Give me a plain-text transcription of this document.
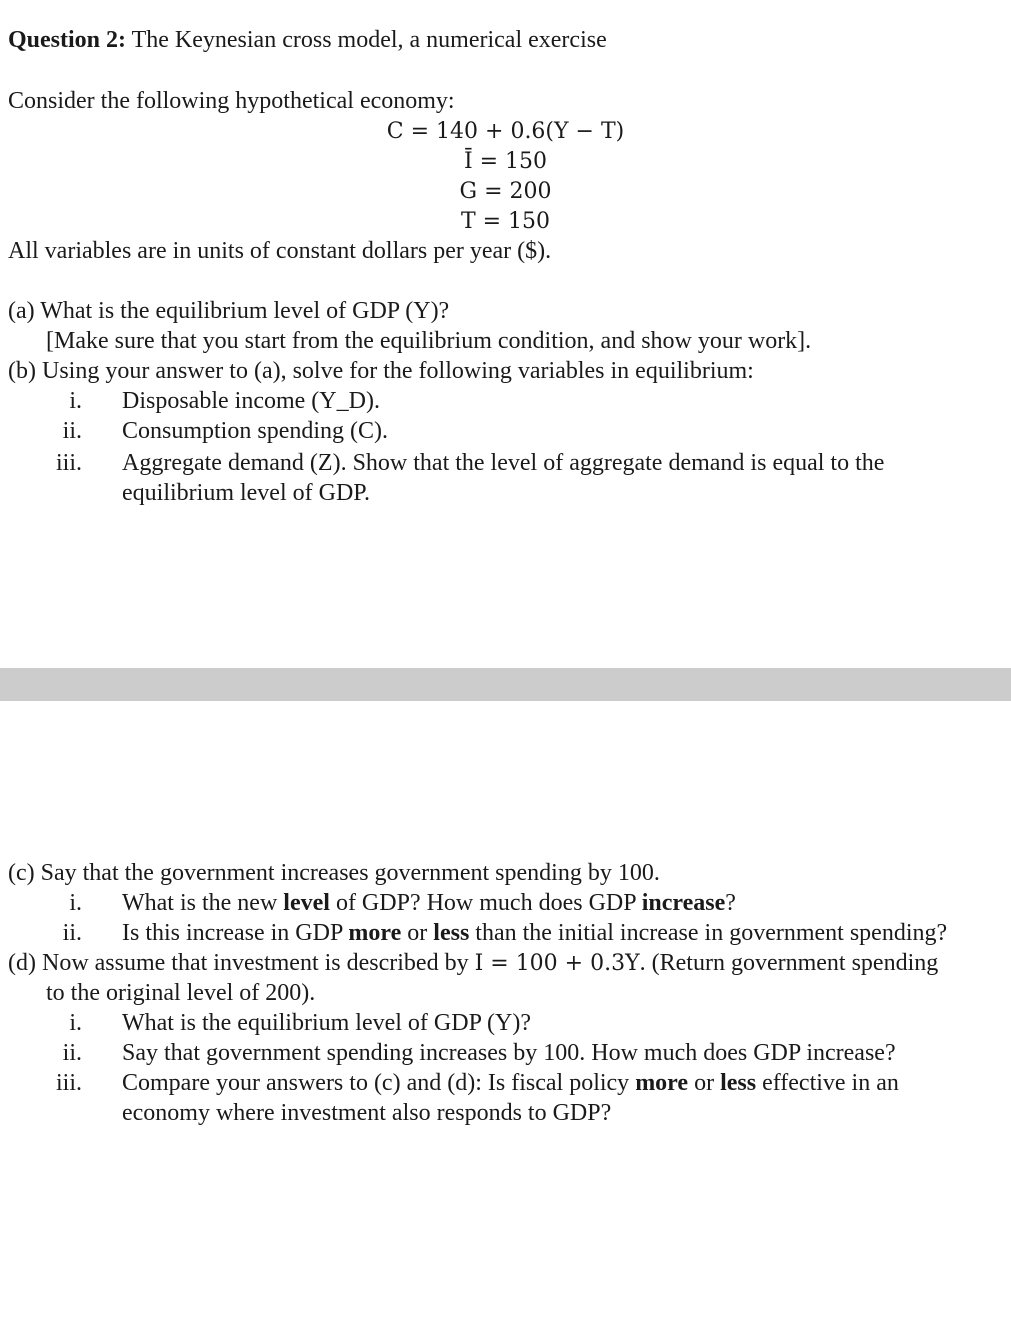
Question 2: The Keynesian cross model, a numerical exercise
Consider the following hypothetical economy:
C = 140 + 0.6(Y − T)
Ī = 150
G = 200
T = 150
All variables are in units of constant dollars per year ($).
(a) What is the equilibrium level of GDP (Y)?
[Make sure that you start from the equilibrium condition, and show your work].
(b) Using your answer to (a), solve for the following variables in equilibrium:
i. Disposable income (Y_D).
ii. Consumption spending (C).
iii. Aggregate demand (Z). Show that the level of aggregate demand is equal to the
equilibrium level of GDP.
(c) Say that the government increases government spending by 100.
i. What is the new level of GDP? How much does GDP increase?
ii. Is this increase in GDP more or less than the initial increase in government spending?
(d) Now assume that investment is described by I = 100 + 0.3Y. (Return government spending
to the original level of 200).
i. What is the equilibrium level of GDP (Y)?
ii. Say that government spending increases by 100. How much does GDP increase?
iii. Compare your answers to (c) and (d): Is fiscal policy more or less effective in an
economy where investment also responds to GDP?
